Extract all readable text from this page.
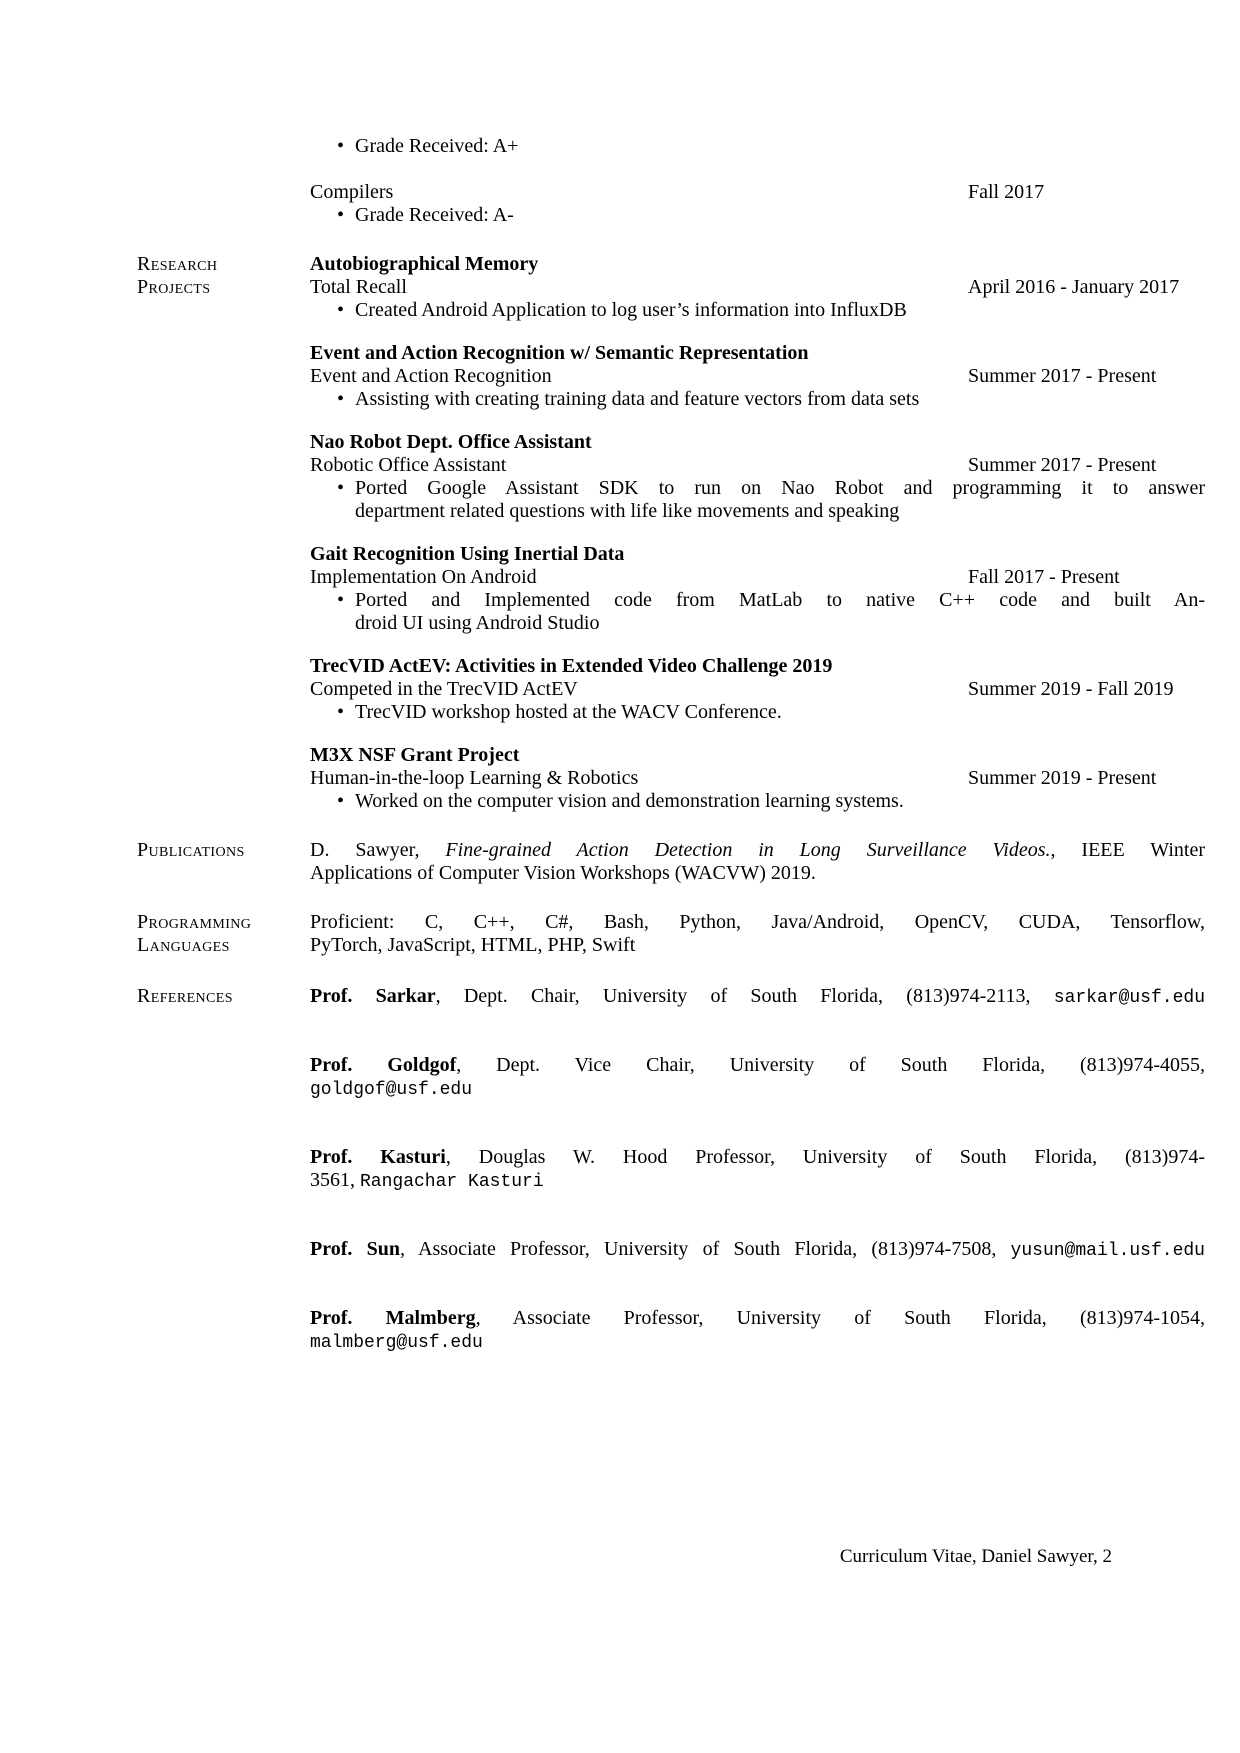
• Grade Received: A+
Compilers	Fall 2017
• Grade Received: A-
Research
Projects
Autobiographical Memory
Total Recall	April 2016 - January 2017
• Created Android Application to log user’s information into InfluxDB
Event and Action Recognition w/ Semantic Representation
Event and Action Recognition	Summer 2017 - Present
• Assisting with creating training data and feature vectors from data sets
Nao Robot Dept. Office Assistant
Robotic Office Assistant	Summer 2017 - Present
• Ported Google Assistant SDK to run on Nao Robot and programming it to answer
department related questions with life like movements and speaking
Gait Recognition Using Inertial Data
Implementation On Android	Fall 2017 - Present
• Ported and Implemented code from MatLab to native C++ code and built An-
droid UI using Android Studio
TrecVID ActEV: Activities in Extended Video Challenge 2019
Competed in the TrecVID ActEV	Summer 2019 - Fall 2019
• TrecVID workshop hosted at the WACV Conference.
M3X NSF Grant Project
Human-in-the-loop Learning & Robotics	Summer 2019 - Present
• Worked on the computer vision and demonstration learning systems.
Publications	D. Sawyer, Fine-grained Action Detection in Long Surveillance Videos., IEEE Winter
Applications of Computer Vision Workshops (WACVW) 2019.
Programming
Languages
Proficient: C, C++, C#, Bash, Python, Java/Android, OpenCV, CUDA, Tensorflow,
PyTorch, JavaScript, HTML, PHP, Swift
References	Prof. Sarkar, Dept. Chair, University of South Florida, (813)974-2113, sarkar@usf.edu
Prof. Goldgof, Dept. Vice Chair, University of South Florida, (813)974-4055,
goldgof@usf.edu
Prof. Kasturi, Douglas W. Hood Professor, University of South Florida, (813)974-
3561, Rangachar Kasturi
Prof. Sun, Associate Professor, University of South Florida, (813)974-7508, yusun@mail.usf.edu
Prof. Malmberg, Associate Professor, University of South Florida, (813)974-1054,
malmberg@usf.edu
Curriculum Vitae, Daniel Sawyer, 2
